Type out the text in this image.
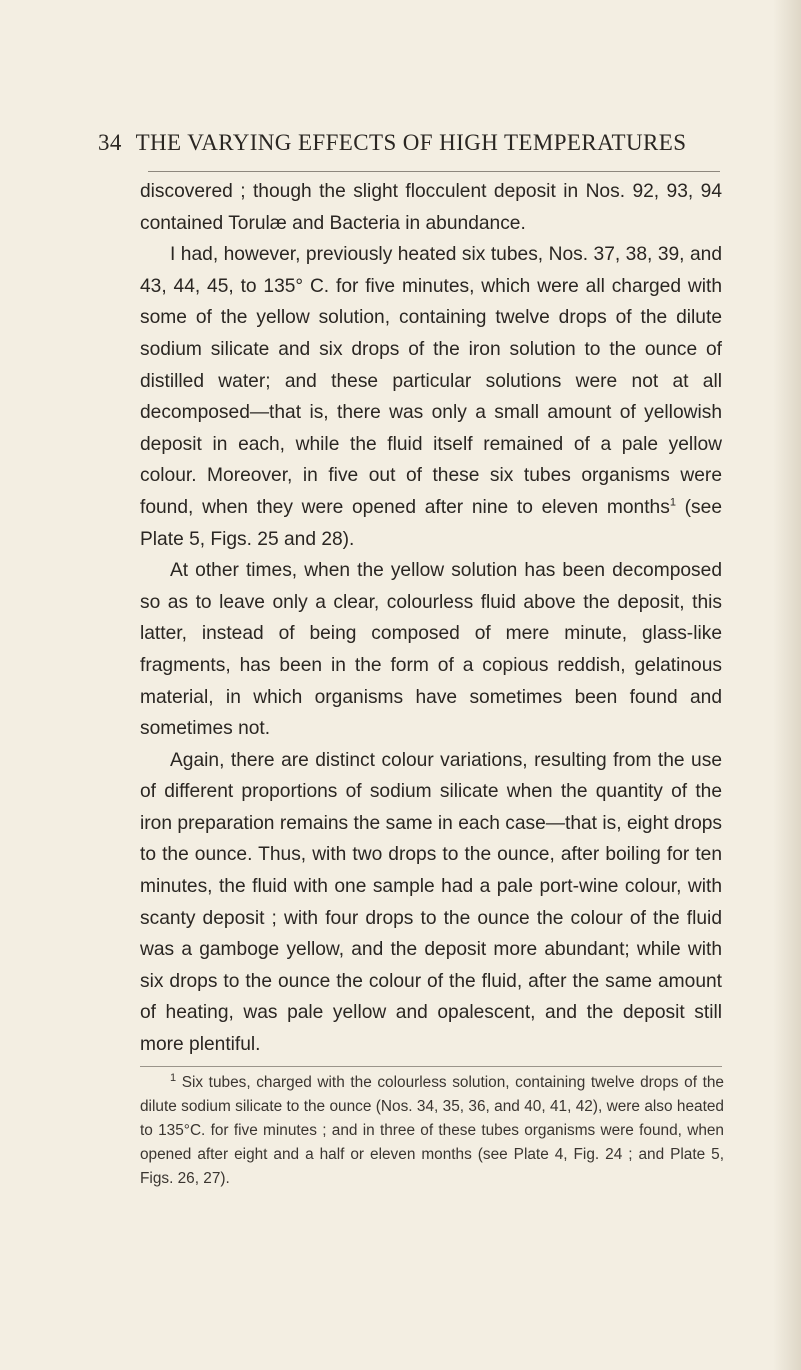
34 THE VARYING EFFECTS OF HIGH TEMPERATURES

discovered ; though the slight flocculent deposit in Nos. 92, 93, 94 contained Torulæ and Bacteria in abundance.

I had, however, previously heated six tubes, Nos. 37, 38, 39, and 43, 44, 45, to 135° C. for five minutes, which were all charged with some of the yellow solution, containing twelve drops of the dilute sodium silicate and six drops of the iron solution to the ounce of distilled water; and these particular solutions were not at all decomposed—that is, there was only a small amount of yellowish deposit in each, while the fluid itself remained of a pale yellow colour. Moreover, in five out of these six tubes organisms were found, when they were opened after nine to eleven months$^1$ (see Plate 5, Figs. 25 and 28).

At other times, when the yellow solution has been decomposed so as to leave only a clear, colourless fluid above the deposit, this latter, instead of being composed of mere minute, glass-like fragments, has been in the form of a copious reddish, gelatinous material, in which organisms have sometimes been found and sometimes not.

Again, there are distinct colour variations, resulting from the use of different proportions of sodium silicate when the quantity of the iron preparation remains the same in each case—that is, eight drops to the ounce. Thus, with two drops to the ounce, after boiling for ten minutes, the fluid with one sample had a pale port-wine colour, with scanty deposit ; with four drops to the ounce the colour of the fluid was a gamboge yellow, and the deposit more abundant; while with six drops to the ounce the colour of the fluid, after the same amount of heating, was pale yellow and opalescent, and the deposit still more plentiful.

$^1$ Six tubes, charged with the colourless solution, containing twelve drops of the dilute sodium silicate to the ounce (Nos. 34, 35, 36, and 40, 41, 42), were also heated to 135°C. for five minutes ; and in three of these tubes organisms were found, when opened after eight and a half or eleven months (see Plate 4, Fig. 24 ; and Plate 5, Figs. 26, 27).
